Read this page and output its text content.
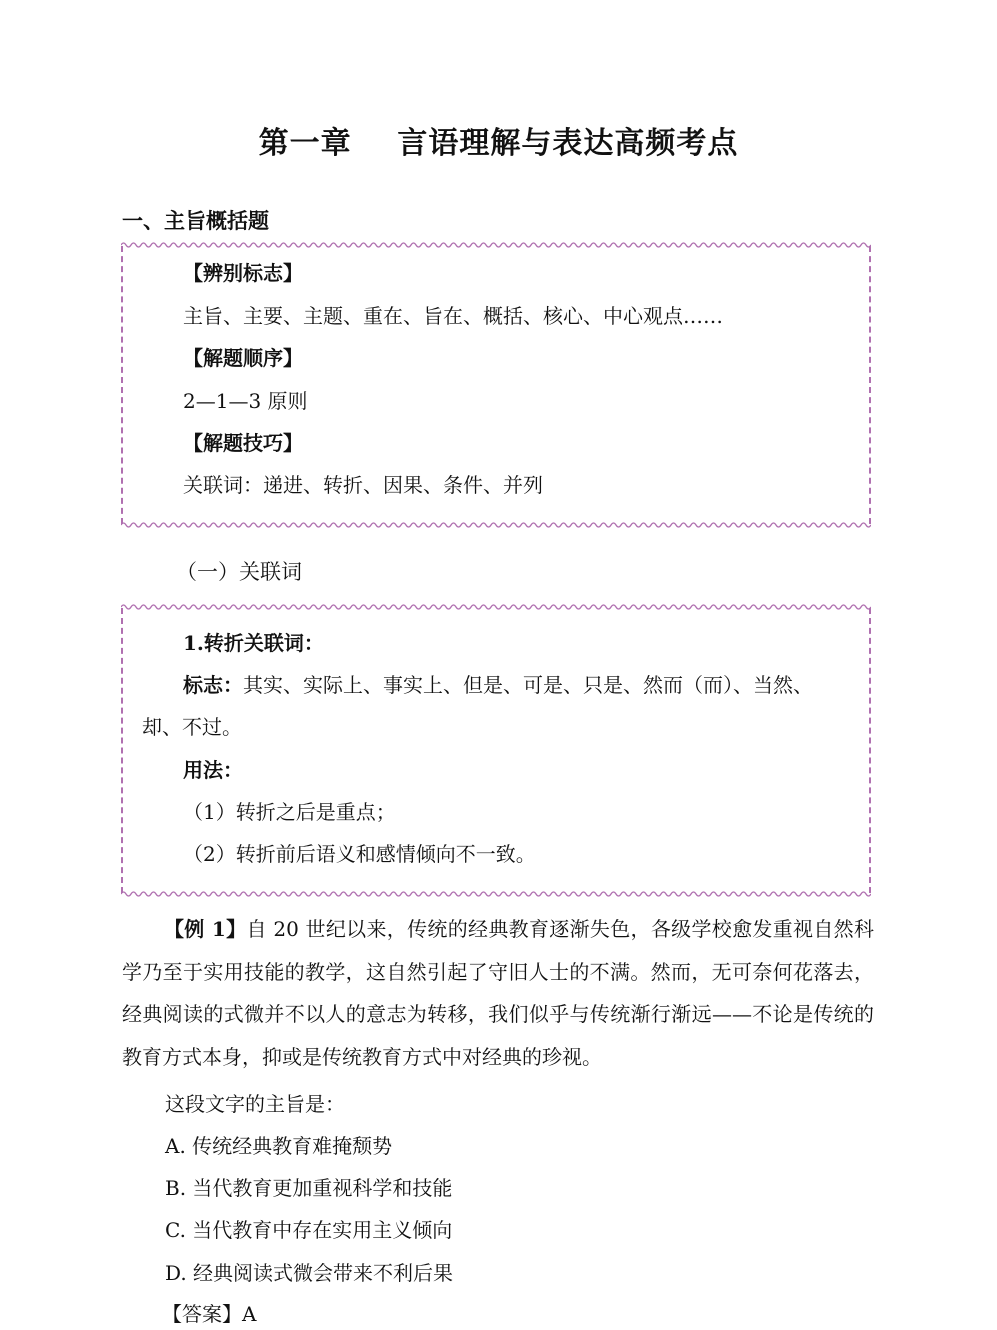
第一章    言语理解与表达高频考点
一、主旨概括题
【辨别标志】
主旨、主要、主题、重在、旨在、概括、核心、中心观点……
【解题顺序】
2—1—3 原则
【解题技巧】
关联词：递进、转折、因果、条件、并列
（一）关联词
1.转折关联词：
标志：其实、实际上、事实上、但是、可是、只是、然而（而）、当然、
却、不过。
用法：
（1）转折之后是重点；
（2）转折前后语义和感情倾向不一致。
【例 1】自 20 世纪以来，传统的经典教育逐渐失色，各级学校愈发重视自然科学乃至于实用技能的教学，这自然引起了守旧人士的不满。然而，无可奈何花落去，经典阅读的式微并不以人的意志为转移，我们似乎与传统渐行渐远——不论是传统的教育方式本身，抑或是传统教育方式中对经典的珍视。
这段文字的主旨是：
A. 传统经典教育难掩颓势
B. 当代教育更加重视科学和技能
C. 当代教育中存在实用主义倾向
D. 经典阅读式微会带来不利后果
【答案】A
